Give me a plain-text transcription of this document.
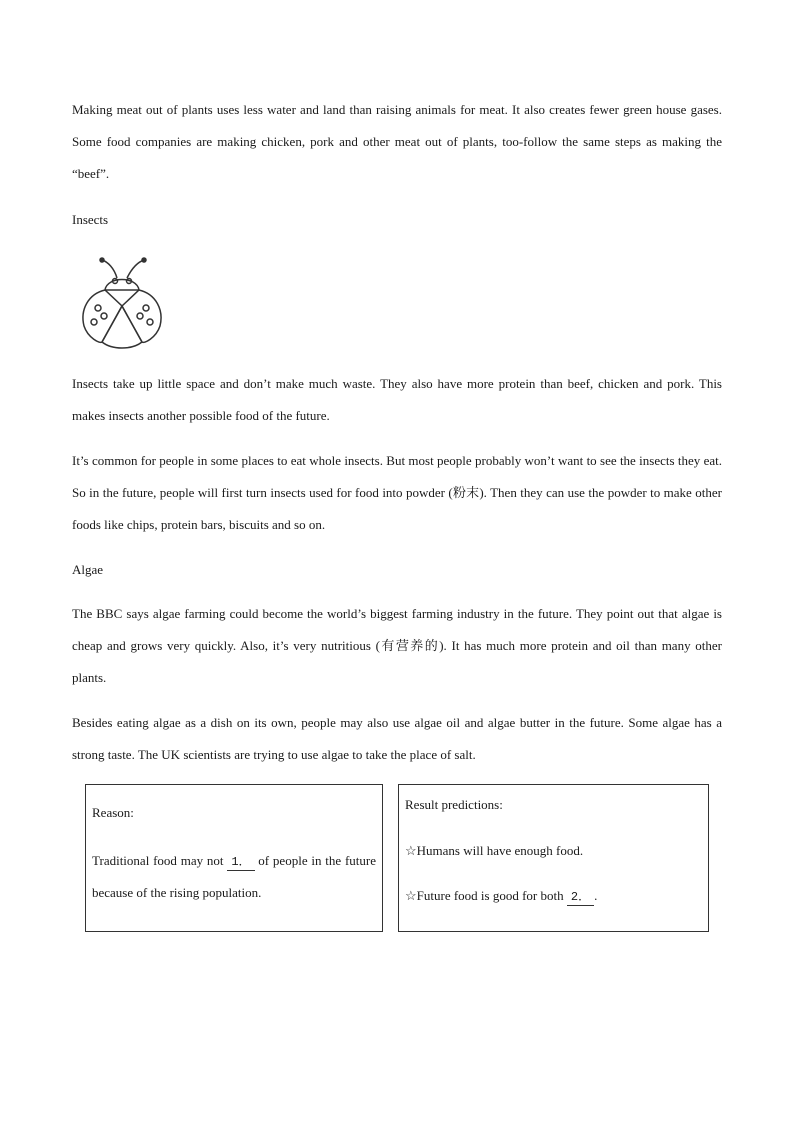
Making meat out of plants uses less water and land than raising animals for meat. It also creates fewer green house gases. Some food companies are making chicken, pork and other meat out of plants, too-follow the same steps as making the “beef”.

Insects

Insects take up little space and don’t make much waste. They also have more protein than beef, chicken and pork. This makes insects another possible food of the future.

It’s common for people in some places to eat whole insects. But most people probably won’t want to see the insects they eat. So in the future, people will first turn insects used for food into powder (粉末). Then they can use the powder to make other foods like chips, protein bars, biscuits and so on.

Algae

The BBC says algae farming could become the world’s biggest farming industry in the future. They point out that algae is cheap and grows very quickly. Also, it’s very nutritious (有营养的). It has much more protein and oil than many other plants.

Besides eating algae as a dish on its own, people may also use algae oil and algae butter in the future. Some algae has a strong taste. The UK scientists are trying to use algae to take the place of salt.

Reason:

Traditional food may not 1． of people in the future because of the rising population.

Result predictions:

☆Humans will have enough food.

☆Future food is good for both 2． .
